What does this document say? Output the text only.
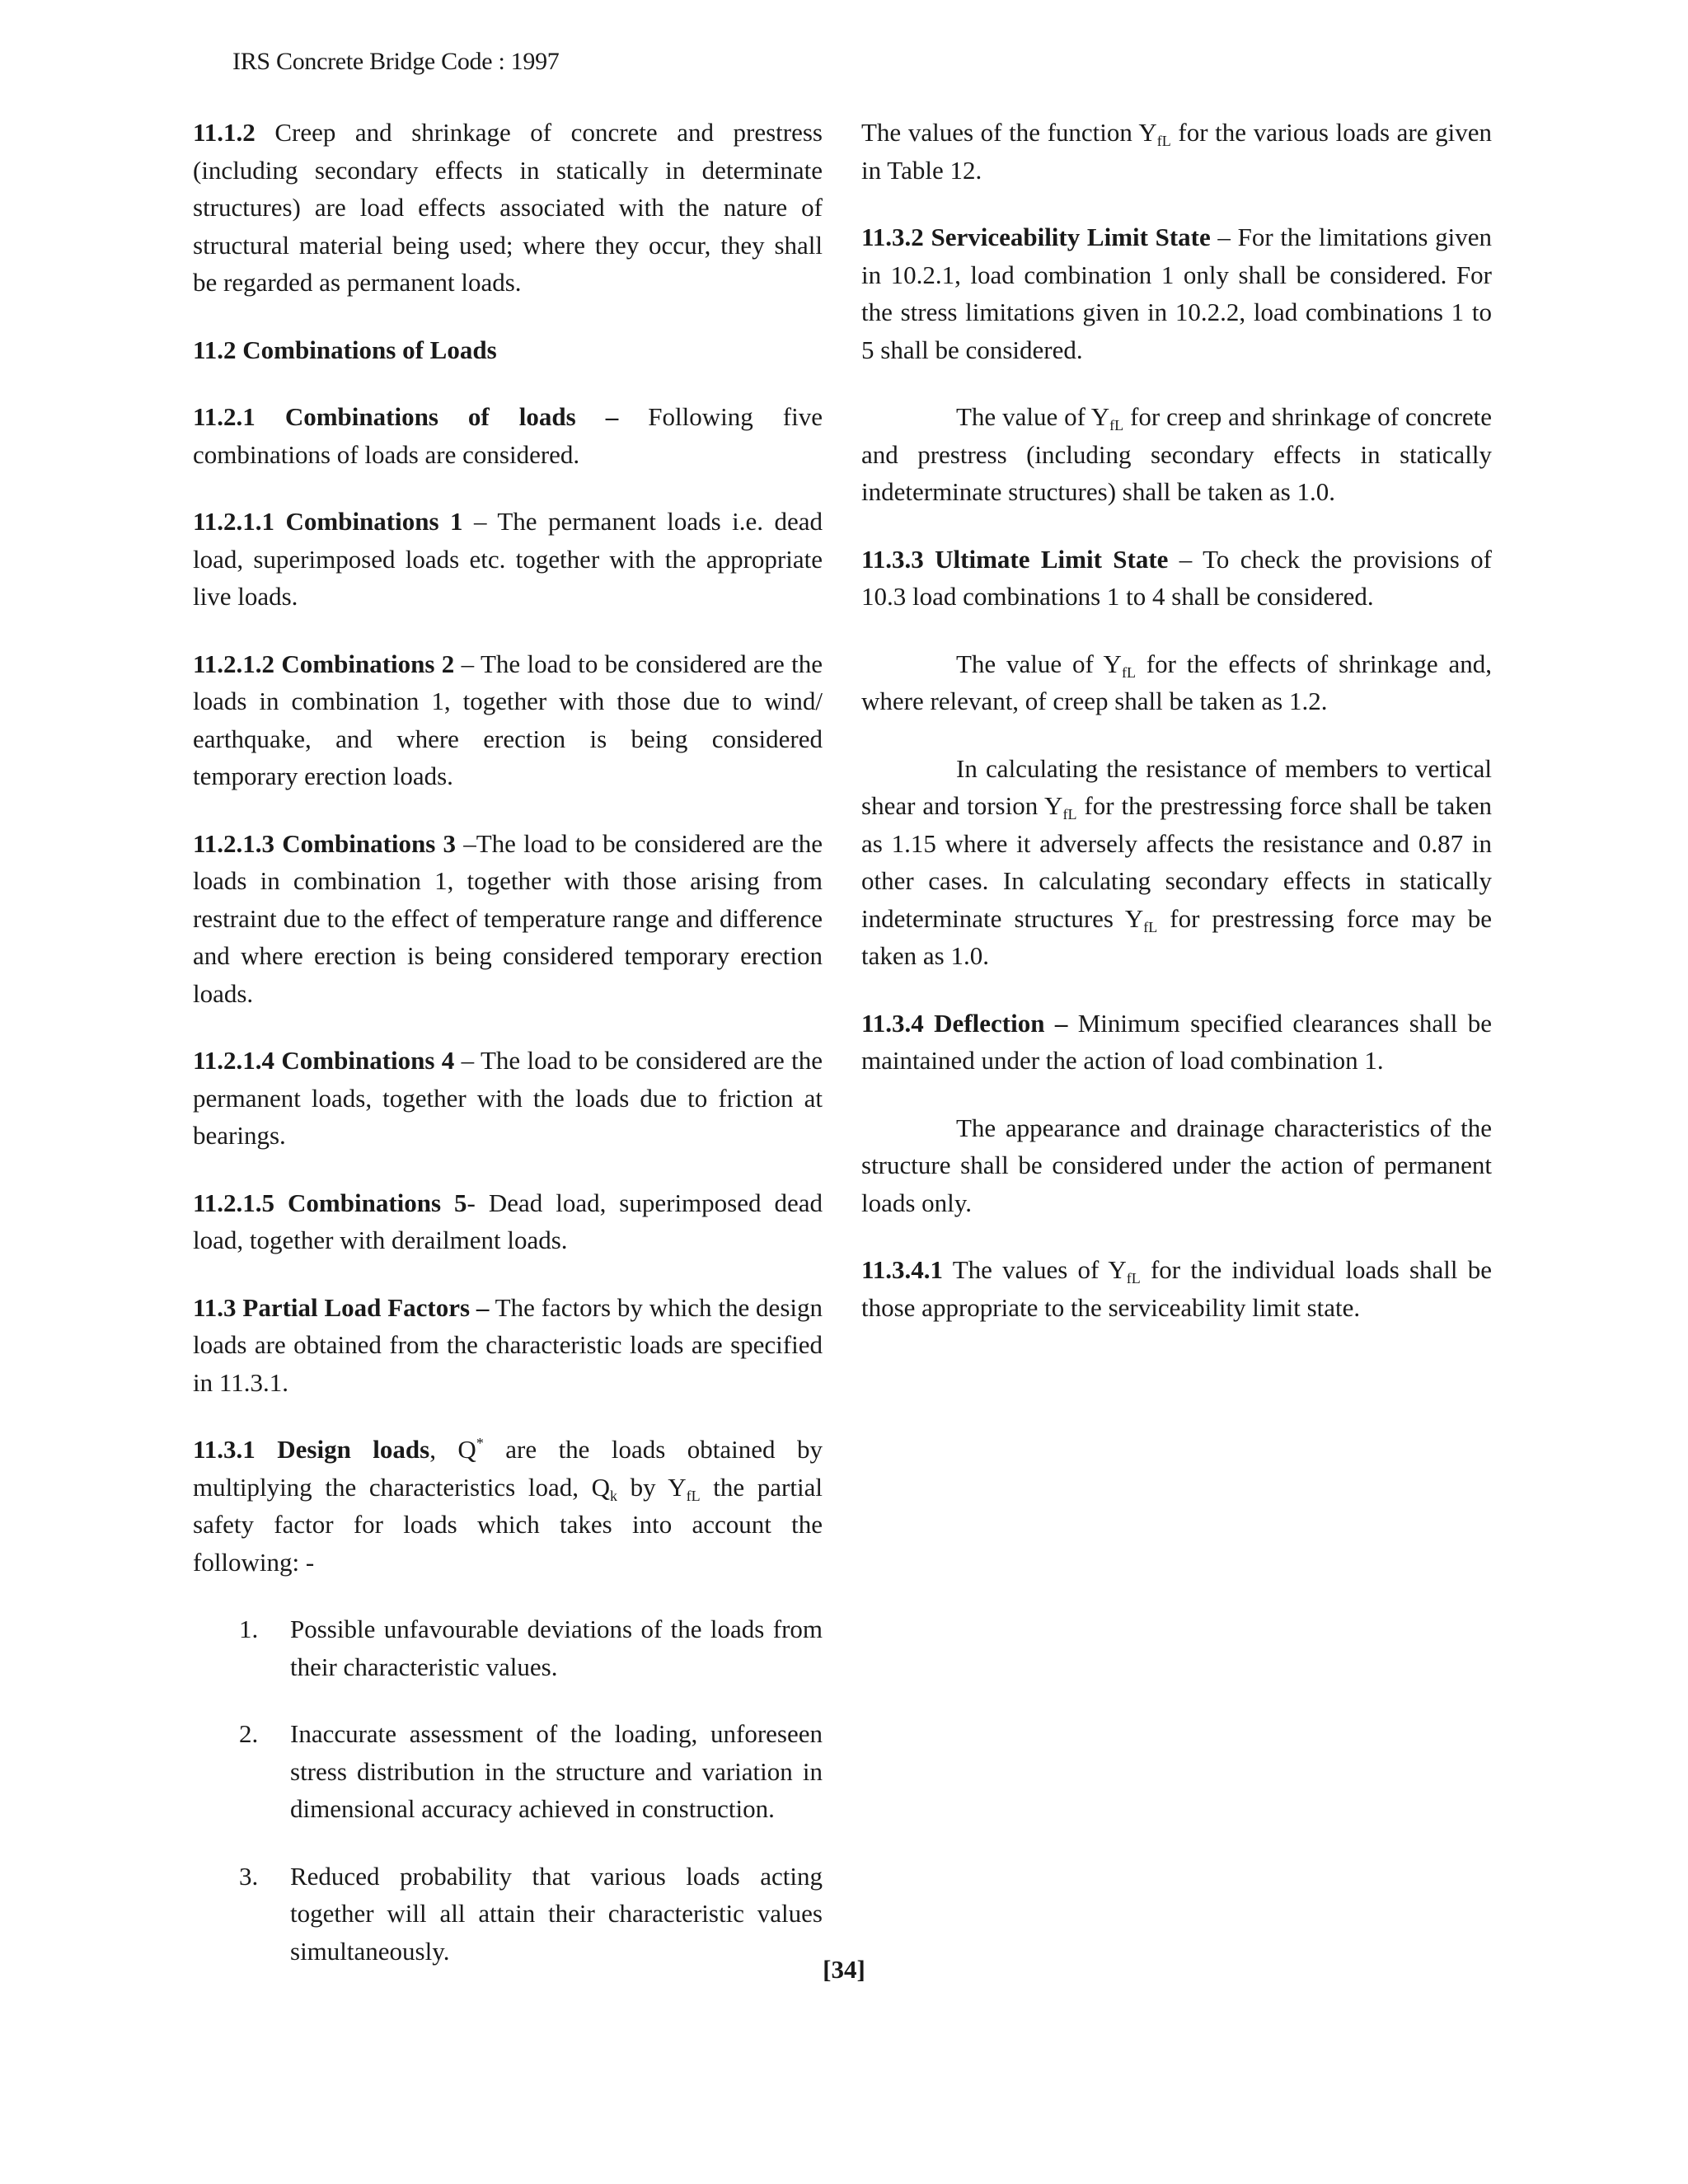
IRS Concrete Bridge Code : 1997

11.1.2 Creep and shrinkage of concrete and prestress (including secondary effects in statically in determinate structures) are load effects associated with the nature of structural material being used; where they occur, they shall be regarded as permanent loads.

11.2 Combinations of Loads

11.2.1 Combinations of loads – Following five combinations of loads are considered.

11.2.1.1 Combinations 1 – The permanent loads i.e. dead load, superimposed loads etc. together with the appropriate live loads.

11.2.1.2 Combinations 2 – The load to be considered are the loads in combination 1, together with those due to wind/ earthquake, and where erection is being considered temporary erection loads.

11.2.1.3 Combinations 3 –The load to be considered are the loads in combination 1, together with those arising from restraint due to the effect of temperature range and difference and where erection is being considered temporary erection loads.

11.2.1.4 Combinations 4 – The load to be considered are the permanent loads, together with the loads due to friction at bearings.

11.2.1.5 Combinations 5- Dead load, superimposed dead load, together with derailment loads.

11.3 Partial Load Factors – The factors by which the design loads are obtained from the characteristic loads are specified in 11.3.1.

11.3.1 Design loads, Q* are the loads obtained by multiplying the characteristics load, $Q_k$ by $Y_{fL}$ the partial safety factor for loads which takes into account the following: -

1.	Possible unfavourable deviations of the loads from their characteristic values.
2.	Inaccurate assessment of the loading, unforeseen stress distribution in the structure and variation in dimensional accuracy achieved in construction.
3.	Reduced probability that various loads acting together will all attain their characteristic values simultaneously.

The values of the function $Y_{fL}$ for the various loads are given in Table 12.

11.3.2 Serviceability Limit State – For the limitations given in 10.2.1, load combination 1 only shall be considered. For the stress limitations given in 10.2.2, load combinations 1 to 5 shall be considered.

The value of $Y_{fL}$ for creep and shrinkage of concrete and prestress (including secondary effects in statically indeterminate structures) shall be taken as 1.0.

11.3.3 Ultimate Limit State – To check the provisions of 10.3 load combinations 1 to 4 shall be considered.

The value of $Y_{fL}$ for the effects of shrinkage and, where relevant, of creep shall be taken as 1.2.

In calculating the resistance of members to vertical shear and torsion $Y_{fL}$ for the prestressing force shall be taken as 1.15 where it adversely affects the resistance and 0.87 in other cases. In calculating secondary effects in statically indeterminate structures $Y_{fL}$ for prestressing force may be taken as 1.0.

11.3.4 Deflection – Minimum specified clearances shall be maintained under the action of load combination 1.

The appearance and drainage characteristics of the structure shall be considered under the action of permanent loads only.

11.3.4.1 The values of $Y_{fL}$ for the individual loads shall be those appropriate to the serviceability limit state.

[34]
